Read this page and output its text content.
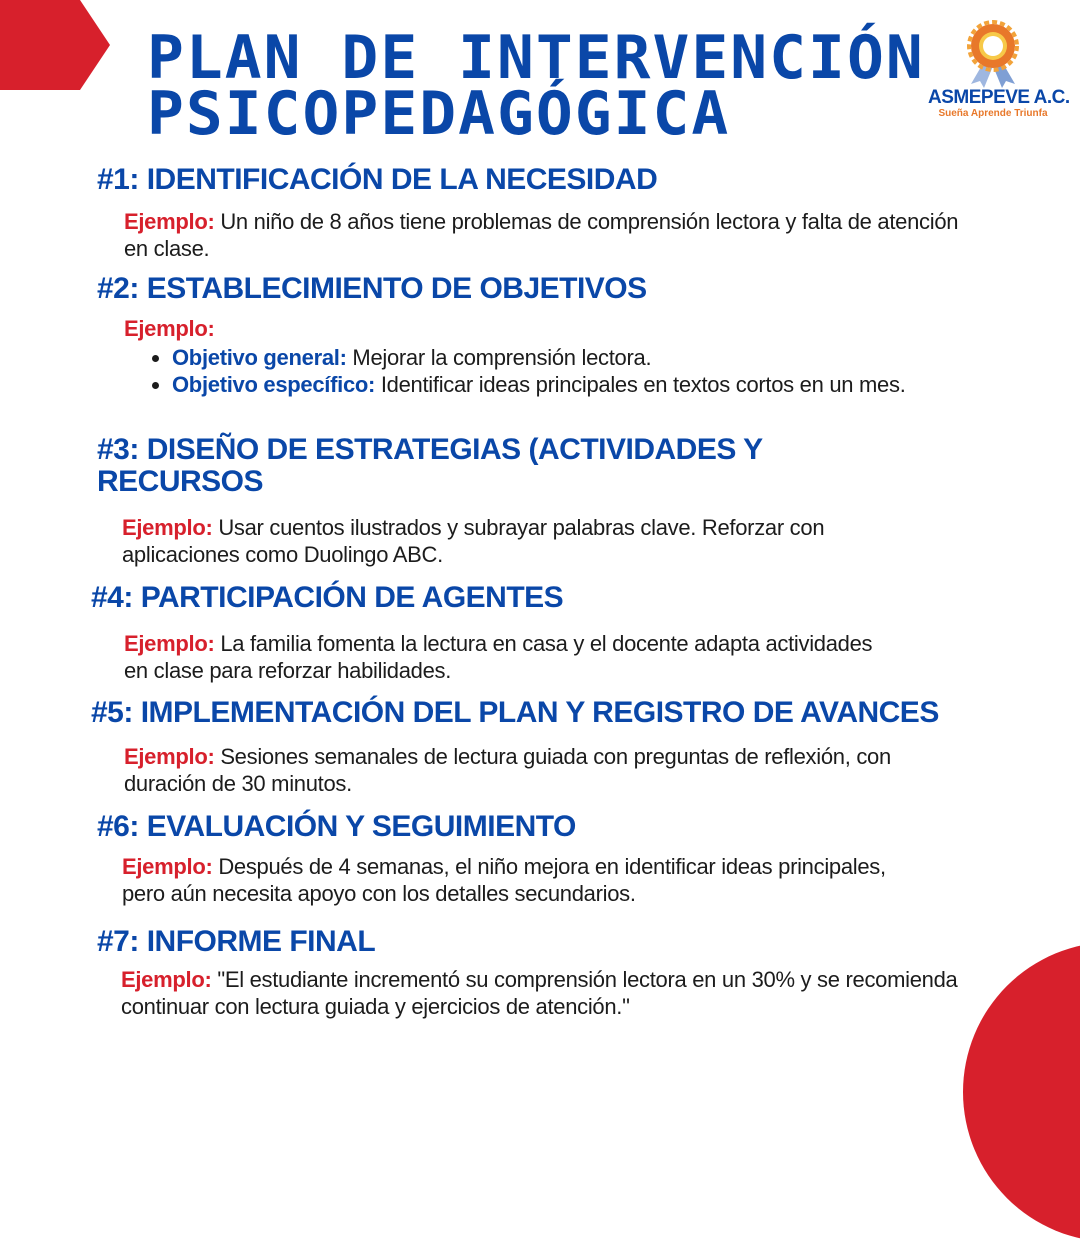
PLAN DE INTERVENCIÓN
PSICOPEDAGÓGICA	ASMEPEVE A.C.
Sueña Aprende Triunfa
#1: IDENTIFICACIÓN DE LA NECESIDAD
Ejemplo: Un niño de 8 años tiene problemas de comprensión lectora y falta de atención en clase.
#2: ESTABLECIMIENTO DE OBJETIVOS
Ejemplo:
• Objetivo general: Mejorar la comprensión lectora.
• Objetivo específico: Identificar ideas principales en textos cortos en un mes.
#3: DISEÑO DE ESTRATEGIAS (ACTIVIDADES Y RECURSOS
Ejemplo: Usar cuentos ilustrados y subrayar palabras clave. Reforzar con aplicaciones como Duolingo ABC.
#4: PARTICIPACIÓN DE AGENTES
Ejemplo: La familia fomenta la lectura en casa y el docente adapta actividades en clase para reforzar habilidades.
#5: IMPLEMENTACIÓN DEL PLAN Y REGISTRO DE AVANCES
Ejemplo: Sesiones semanales de lectura guiada con preguntas de reflexión, con duración de 30 minutos.
#6: EVALUACIÓN Y SEGUIMIENTO
Ejemplo: Después de 4 semanas, el niño mejora en identificar ideas principales, pero aún necesita apoyo con los detalles secundarios.
#7: INFORME FINAL
Ejemplo: "El estudiante incrementó su comprensión lectora en un 30% y se recomienda continuar con lectura guiada y ejercicios de atención."
